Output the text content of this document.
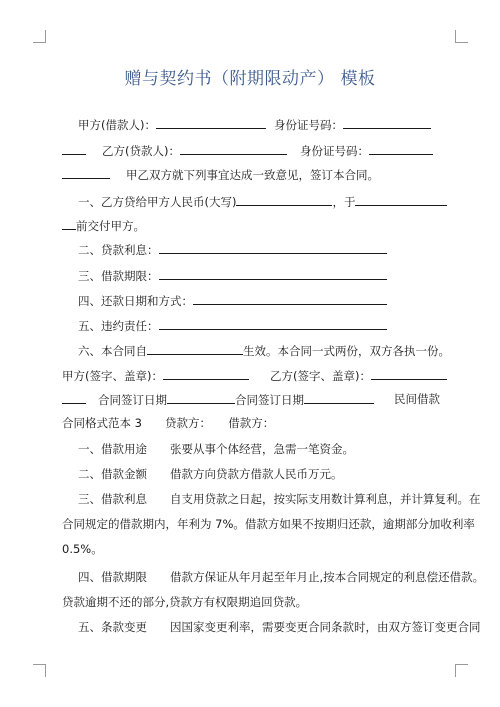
赠与契约书（附期限动产） 模板
甲方(借款人)：	身份证号码：
乙方(贷款人)：	身份证号码：
甲乙双方就下列事宜达成一致意见，签订本合同。
一、乙方贷给甲方人民币(大写)	，于
前交付甲方。
二、贷款利息：
三、借款期限：
四、还款日期和方式：
五、违约责任：
六、本合同自	生效。本合同一式两份，双方各执一份。
甲方(签字、盖章)：	乙方(签字、盖章)：
合同签订日期	合同签订日期	民间借款
合同格式范本 3　　贷款方：　　借款方：
一、借款用途　　张要从事个体经营，急需一笔资金。
二、借款金额　　借款方向贷款方借款人民币万元。
三、借款利息　　自支用贷款之日起，按实际支用数计算利息，并计算复利。在
合同规定的借款期内，年利为 7%。借款方如果不按期归还款，逾期部分加收利率
0.5%。
四、借款期限　　借款方保证从年月起至年月止,按本合同规定的利息偿还借款。
贷款逾期不还的部分,贷款方有权限期追回贷款。
五、条款变更　　因国家变更利率，需要变更合同条款时，由双方签订变更合同
